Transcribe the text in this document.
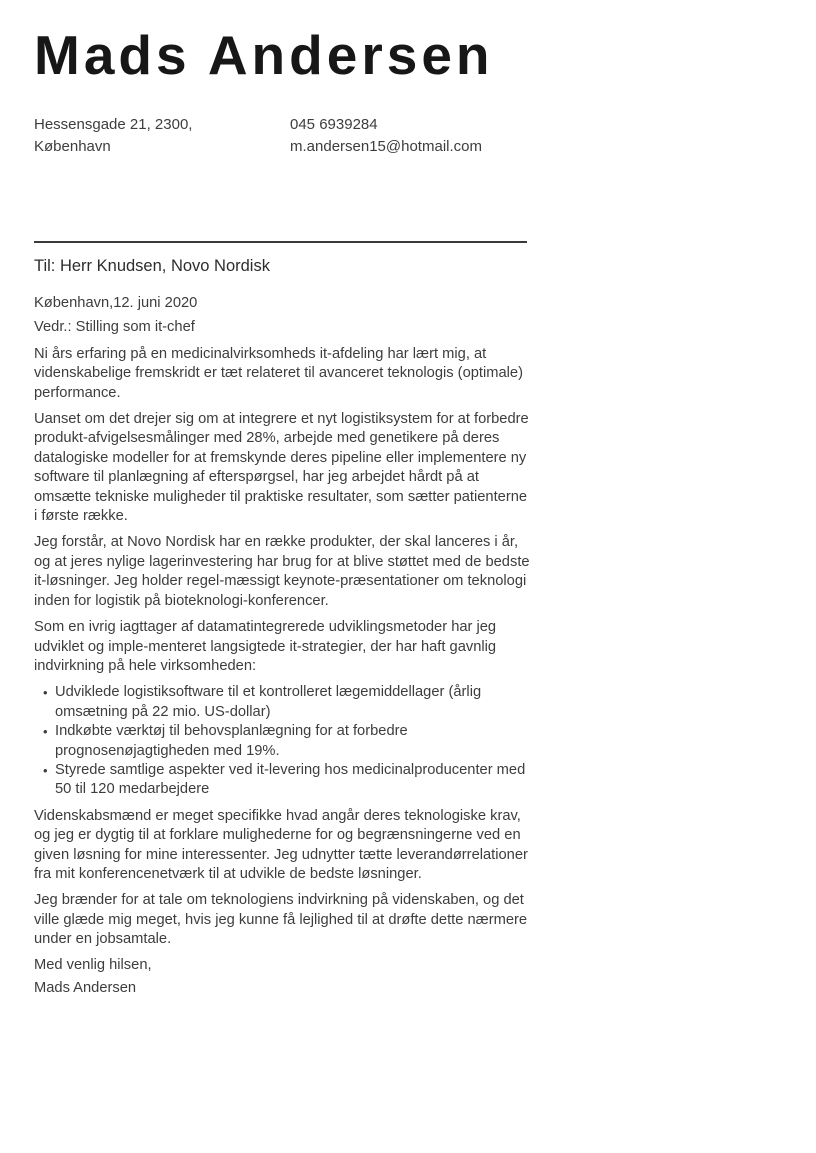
Mads Andersen
Hessensgade 21, 2300,
København
045 6939284
m.andersen15@hotmail.com
Til: Herr Knudsen, Novo Nordisk

København,12. juni 2020

Vedr.: Stilling som it-chef

Ni års erfaring på en medicinalvirksomheds it-afdeling har lært mig, at videnskabelige fremskridt er tæt relateret til avanceret teknologis (optimale) performance.

Uanset om det drejer sig om at integrere et nyt logistiksystem for at forbedre produkt-afvigelsesmålinger med 28%, arbejde med genetikere på deres datalogiske modeller for at fremskynde deres pipeline eller implementere ny software til planlægning af efterspørgsel, har jeg arbejdet hårdt på at omsætte tekniske muligheder til praktiske resultater, som sætter patienterne i første række.

Jeg forstår, at Novo Nordisk har en række produkter, der skal lanceres i år, og at jeres nylige lagerinvestering har brug for at blive støttet med de bedste it-løsninger. Jeg holder regel-mæssigt keynote-præsentationer om teknologi inden for logistik på bioteknologi-konferencer.

Som en ivrig iagttager af datamatintegrerede udviklingsmetoder har jeg udviklet og imple-menteret langsigtede it-strategier, der har haft gavnlig indvirkning på hele virksomheden:

• Udviklede logistiksoftware til et kontrolleret lægemiddellager (årlig omsætning på 22 mio. US-dollar)
• Indkøbte værktøj til behovsplanlægning for at forbedre prognosenøjagtigheden med 19%.
• Styrede samtlige aspekter ved it-levering hos medicinalproducenter med 50 til 120 medarbejdere

Videnskabsmænd er meget specifikke hvad angår deres teknologiske krav, og jeg er dygtig til at forklare mulighederne for og begrænsningerne ved en given løsning for mine interessenter. Jeg udnytter tætte leverandørrelationer fra mit konferencenetværk til at udvikle de bedste løsninger.

Jeg brænder for at tale om teknologiens indvirkning på videnskaben, og det ville glæde mig meget, hvis jeg kunne få lejlighed til at drøfte dette nærmere under en jobsamtale.

Med venlig hilsen,

Mads Andersen
